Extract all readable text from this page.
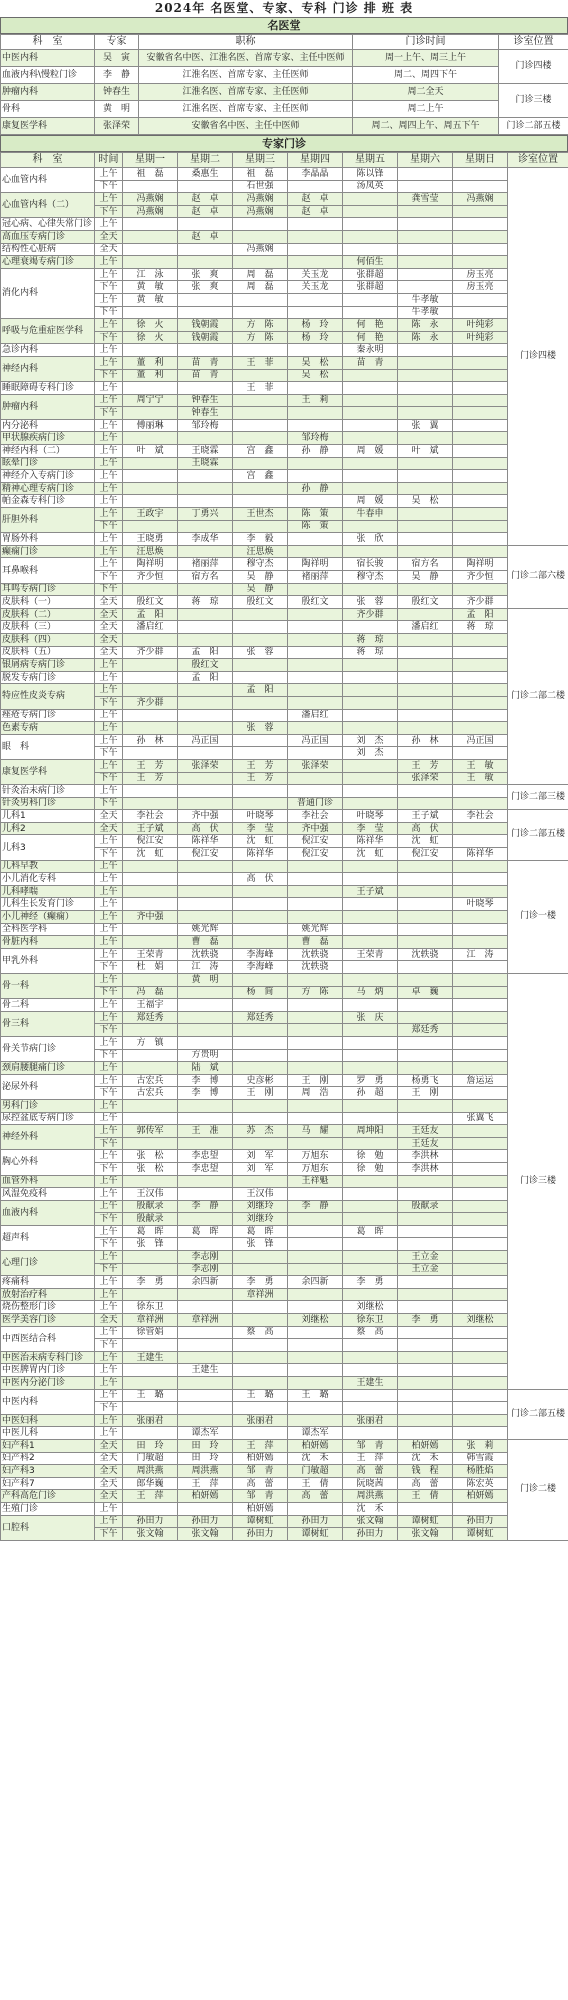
2024年 名医堂、专家、专科 门诊 排 班 表
名医堂
科　室	专家	职称	门诊时间	诊室位置
中医内科	吴　寅	安徽省名中医、江淮名医、首席专家、主任中医师	周一上午、周三上午	门诊四楼
血液内科\慢粒门诊	李　静	江淮名医、首席专家、主任医师	周二、周四下午	
肿瘤内科	钟春生	江淮名医、首席专家、主任医师	周二全天	门诊三楼
骨科	黄　明	江淮名医、首席专家、主任医师	周二上午	
康复医学科	张泽荣	安徽省名中医、主任中医师	周二、周四上午、周五下午	门诊二部五楼
专家门诊
科　室	时间	星期一	星期二	星期三	星期四	星期五	星期六	星期日	诊室位置
心血管内科	上午	祖　磊	桑惠生	祖　磊	李晶晶	陈以锋			门诊四楼
	下午			石世强		汤凤英			
心血管内科（二）	上午	冯燕娴	赵　卓	冯燕娴	赵　卓		龚雪莹	冯燕娴	
	下午	冯燕娴	赵　卓	冯燕娴	赵　卓				
冠心病、心律失常门诊	上午								
高血压专病门诊	全天		赵　卓						
结构性心脏病	全天			冯燕娴					
心理衰竭专病门诊	上午					何佰生			
消化内科	上午	江　泳	张　爽	周　磊	关玉龙	张群超		房玉亮	
	下午	黄　敏	张　爽	周　磊	关玉龙	张群超		房玉亮	
	上午	黄　敏					牛孝敏		
	下午						牛孝敏		
呼吸与危重症医学科	上午	徐　火	钱朝霞	方　陈	杨　玲	何　艳	陈　永	叶纯彩	
	下午	徐　火	钱朝霞	方　陈	杨　玲	何　艳	陈　永	叶纯彩	
急诊内科	上午					秦永明			
神经内科	上午	董　利	苗　青	王　菲	吴　松	苗　青			
	下午	董　利	苗　青		吴　松				
睡眠障碍专科门诊	上午			王　菲					
肿瘤内科	上午	周宁宁	钟春生		王　莉				
	下午		钟春生						
内分泌科	上午	傅丽琳	邹玲梅				张　翼		
甲状腺疾病门诊	上午				邹玲梅				
神经内科（二）	上午	叶　斌	王晓霖	宫　鑫	孙　静	周　媛	叶　斌		
眩晕门诊	上午		王晓霖						
神经介入专病门诊	上午			宫　鑫					
精神心理专病门诊	上午				孙　静				
帕金森专科门诊	上午					周　媛	吴　松		
肝胆外科	上午	王政宇	丁勇兴	王世杰	陈　策	牛春申			
	下午				陈　策				
胃肠外科	上午	王晓勇	李成华	李　毅		张　欣			
癫痫门诊	上午	汪思焕		汪思焕					门诊二部六楼
耳鼻喉科	上午	陶祥明	褚丽萍	穆守杰	陶祥明	宿长骏	宿方名	陶祥明	
	下午	齐少恒	宿方名	吴　静	褚丽萍	穆守杰	吴　静	齐少恒	
耳鸣专病门诊	下午			吴　静					
皮肤科（一）	全天	殷红文	蒋　琼	殷红文	殷红文	张　蓉	殷红文	齐少群	
皮肤科（二）	全天	孟　阳				齐少群		孟　阳	门诊二部二楼
皮肤科（三）	全天	潘启红					潘启红	蒋　琼	
皮肤科（四）	全天					蒋　琼			
皮肤科（五）	全天	齐少群	孟　阳	张　蓉		蒋　琼			
银屑病专病门诊	上午		殷红文						
脱发专病门诊	上午		孟　阳						
特应性皮炎专病	上午			孟　阳					
	下午	齐少群							
痤疮专病门诊	上午				潘启红				
色素专病	上午			张　蓉					
眼　科	上午	孙　林	冯正国		冯正国	刘　杰	孙　林	冯正国	
	下午					刘　杰			
康复医学科	上午	王　芳	张泽荣	王　芳	张泽荣		王　芳	王　敏	
	下午	王　芳		王　芳			张泽荣	王　敏	
针灸治未病门诊	上午								门诊二部三楼
针灸男科门诊	下午				普通门诊				
儿科1	全天	李社会	齐中强	叶晓琴	李社会	叶晓琴	王子斌	李社会	门诊二部五楼
儿科2	全天	王子斌	高　伏	李　莹	齐中强	李　莹	高　伏		
儿科3	上午	倪江安	陈祥华	沈　虹	倪江安	陈祥华	沈　虹		
	下午	沈　虹	倪江安	陈祥华	倪江安	沈　虹	倪江安	陈祥华	
儿科早教	上午								门诊一楼
小儿消化专科	上午			高　伏					
儿科哮喘	上午					王子斌			
儿科生长发育门诊	上午							叶晓琴	
小儿神经（癫痫）	上午	齐中强							
全科医学科	上午		姚光辉		姚光辉				
骨脏内科	上午		曹　磊		曹　磊				
甲乳外科	上午	王荣青	沈轶骁	李海峰	沈轶骁	王荣青	沈轶骁	江　涛	
	下午	杜　娟	江　涛	李海峰	沈轶骁				
骨一科	上午		黄　明						门诊三楼
	下午	冯　磊		杨　简	方　陈	马　炳	卓　巍		
骨二科	上午	王福宇							
骨三科	上午	郑廷秀		郑廷秀		张　庆			
	下午						郑廷秀		
骨关节病门诊	上午	方　镇							
	下午		方贵明						
颈肩腰腿痛门诊	上午		陆　斌						
泌尿外科	上午	古宏兵	李　博	史彦彬	王　刚	罗　勇	杨勇飞	詹运运	
	下午	古宏兵	李　博	王　刚	周　浩	孙　超	王　刚		
男科门诊	上午								
尿控盆底专病门诊	上午							张翼飞	
神经外科	上午	郭传军	王　准	苏　杰	马　耀	周坤阳	王廷友		
	下午						王廷友		
胸心外科	上午	张　松	李忠望	刘　军	万旭东	徐　勉	李洪林		
	下午	张　松	李忠望	刘　军	万旭东	徐　勉	李洪林		
血管外科	上午				王祥魁				
风湿免疫科	上午	王汉伟		王汉伟					
血液内科	上午	殷献录	李　静	刘继玲	李　静		殷献录		
	下午	殷献录		刘继玲					
超声科	上午	葛　晖	葛　晖	葛　晖		葛　晖			
	下午	张　锋		张　锋					
心理门诊	上午		李志刚				王立金		
	下午		李志刚				王立金		
疼痛科	上午	李　勇	余四新	李　勇	余四新	李　勇			
放射治疗科	上午			章祥洲					
烧伤整形门诊	上午	徐东卫				刘继松			
医学美容门诊	全天	章祥洲	章祥洲		刘继松	徐东卫	李　勇	刘继松	
中西医结合科	上午	徐管娟		蔡　高		蔡　高			
	下午								
中医治未病专科门诊	上午	王建生							
中医脾胃内门诊	上午		王建生						
中医内分泌门诊	上午					王建生			
中医内科	上午	王　璐		王　璐	王　璐				门诊二部五楼
	下午								
中医妇科	上午	张丽君		张丽君		张丽君			
中医儿科	上午		谭杰军		谭杰军				
妇产科1	全天	田　玲	田　玲	王　萍	柏妍嫣	邹　青	柏妍嫣	张　莉	门诊二楼
妇产科2	全天	门敏超	田　玲	柏妍嫣	沈　禾	王　萍	沈　禾	韩雪霞	
妇产科3	全天	周洪燕	周洪燕	邹　青	门敏超	高　蕾	钱　程	杨胜焰	
妇产科7	全天	郎华巍	王　萍	高　蕾	王　倩	阮晓茜	高　蕾	陈宏英	
产科高危门诊	全天	王　萍	柏妍嫣	邹　青	高　蕾	周洪燕	王　倩	柏妍嫣	
生殖门诊	上午			柏妍嫣		沈　禾			
口腔科	上午	孙田力	孙田力	谭树虹	孙田力	张文翰	谭树虹	孙田力	
	下午	张文翰	张文翰	孙田力	谭树虹	孙田力	张文翰	谭树虹	
